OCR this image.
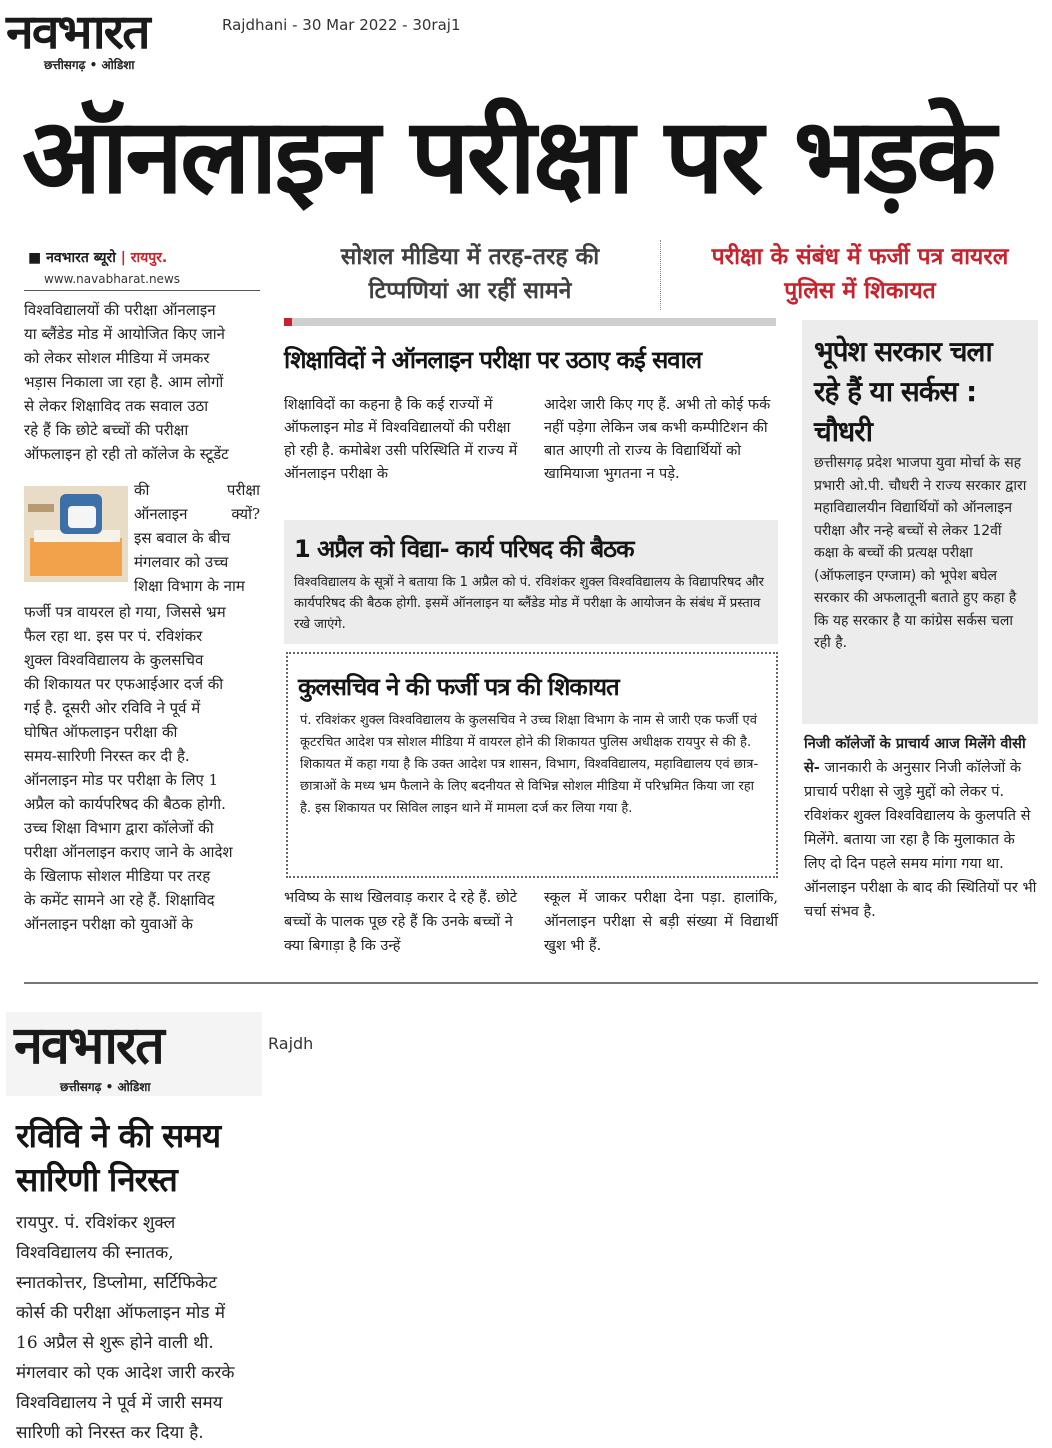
नवभारत
छत्तीसगढ़ • ओडिशा
Rajdhani - 30 Mar 2022 - 30raj1
ऑनलाइन परीक्षा पर भड़के
■ नवभारत ब्यूरो | रायपुर.
www.navabharat.news
सोशल मीडिया में तरह-तरह की टिप्पणियां आ रहीं सामने
परीक्षा के संबंध में फर्जी पत्र वायरल पुलिस में शिकायत
विश्वविद्यालयों की परीक्षा ऑनलाइन
या ब्लैंडेड मोड में आयोजित किए जाने
को लेकर सोशल मीडिया में जमकर
भड़ास निकाला जा रहा है. आम लोगों
से लेकर शिक्षाविद तक सवाल उठा
रहे हैं कि छोटे बच्चों की परीक्षा
ऑफलाइन हो रही तो कॉलेज के स्टूडेंट
की परीक्षा
ऑनलाइन क्यों?
इस बवाल के बीच
मंगलवार को उच्च
शिक्षा विभाग के नाम
फर्जी पत्र वायरल हो गया, जिससे भ्रम
फैल रहा था. इस पर पं. रविशंकर
शुक्ल विश्वविद्यालय के कुलसचिव
की शिकायत पर एफआईआर दर्ज की
गई है. दूसरी ओर रविवि ने पूर्व में
घोषित ऑफलाइन परीक्षा की
समय-सारिणी निरस्त कर दी है.
ऑनलाइन मोड पर परीक्षा के लिए 1
अप्रैल को कार्यपरिषद की बैठक होगी.
उच्च शिक्षा विभाग द्वारा कॉलेजों की
परीक्षा ऑनलाइन कराए जाने के आदेश
के खिलाफ सोशल मीडिया पर तरह
के कमेंट सामने आ रहे हैं. शिक्षाविद
ऑनलाइन परीक्षा को युवाओं के
शिक्षाविदों ने ऑनलाइन परीक्षा पर उठाए कई सवाल
शिक्षाविदों का कहना है कि कई राज्यों में ऑफलाइन मोड में विश्वविद्यालयों की परीक्षा हो रही है. कमोबेश उसी परिस्थिति में राज्य में ऑनलाइन परीक्षा के
आदेश जारी किए गए हैं. अभी तो कोई फर्क नहीं पड़ेगा लेकिन जब कभी कम्पीटिशन की बात आएगी तो राज्य के विद्यार्थियों को खामियाजा भुगतना न पड़े.
1 अप्रैल को विद्या- कार्य परिषद की बैठक
विश्वविद्यालय के सूत्रों ने बताया कि 1 अप्रैल को पं. रविशंकर शुक्ल विश्वविद्यालय के विद्यापरिषद और कार्यपरिषद की बैठक होगी. इसमें ऑनलाइन या ब्लैंडेड मोड में परीक्षा के आयोजन के संबंध में प्रस्ताव रखे जाएंगे.
कुलसचिव ने की फर्जी पत्र की शिकायत
पं. रविशंकर शुक्ल विश्वविद्यालय के कुलसचिव ने उच्च शिक्षा विभाग के नाम से जारी एक फर्जी एवं कूटरचित आदेश पत्र सोशल मीडिया में वायरल होने की शिकायत पुलिस अधीक्षक रायपुर से की है. शिकायत में कहा गया है कि उक्त आदेश पत्र शासन, विभाग, विश्वविद्यालय, महाविद्यालय एवं छात्र-छात्राओं के मध्य भ्रम फैलाने के लिए बदनीयत से विभिन्न सोशल मीडिया में परिभ्रमित किया जा रहा है. इस शिकायत पर सिविल लाइन थाने में मामला दर्ज कर लिया गया है.
भविष्य के साथ खिलवाड़ करार दे रहे हैं. छोटे बच्चों के पालक पूछ रहे हैं कि उनके बच्चों ने क्या बिगाड़ा है कि उन्हें
स्कूल में जाकर परीक्षा देना पड़ा. हालांकि, ऑनलाइन परीक्षा से बड़ी संख्या में विद्यार्थी खुश भी हैं.
भूपेश सरकार चला रहे हैं या सर्कस : चौधरी
छत्तीसगढ़ प्रदेश भाजपा युवा मोर्चा के सह प्रभारी ओ.पी. चौधरी ने राज्य सरकार द्वारा महाविद्यालयीन विद्यार्थियों को ऑनलाइन परीक्षा और नन्हे बच्चों से लेकर 12वीं कक्षा के बच्चों की प्रत्यक्ष परीक्षा (ऑफलाइन एग्जाम) को भूपेश बघेल सरकार की अफलातूनी बताते हुए कहा है कि यह सरकार है या कांग्रेस सर्कस चला रही है.
निजी कॉलेजों के प्राचार्य आज मिलेंगे वीसी से- जानकारी के अनुसार निजी कॉलेजों के प्राचार्य परीक्षा से जुड़े मुद्दों को लेकर पं. रविशंकर शुक्ल विश्वविद्यालय के कुलपति से मिलेंगे. बताया जा रहा है कि मुलाकात के लिए दो दिन पहले समय मांगा गया था. ऑनलाइन परीक्षा के बाद की स्थितियों पर भी चर्चा संभव है.
नवभारत
छत्तीसगढ़ • ओडिशा
Rajdh
रविवि ने की समय सारिणी निरस्त
रायपुर. पं. रविशंकर शुक्ल
विश्वविद्यालय की स्नातक,
स्नातकोत्तर, डिप्लोमा, सर्टिफिकेट
कोर्स की परीक्षा ऑफलाइन मोड में
16 अप्रैल से शुरू होने वाली थी.
मंगलवार को एक आदेश जारी करके
विश्वविद्यालय ने पूर्व में जारी समय
सारिणी को निरस्त कर दिया है.
